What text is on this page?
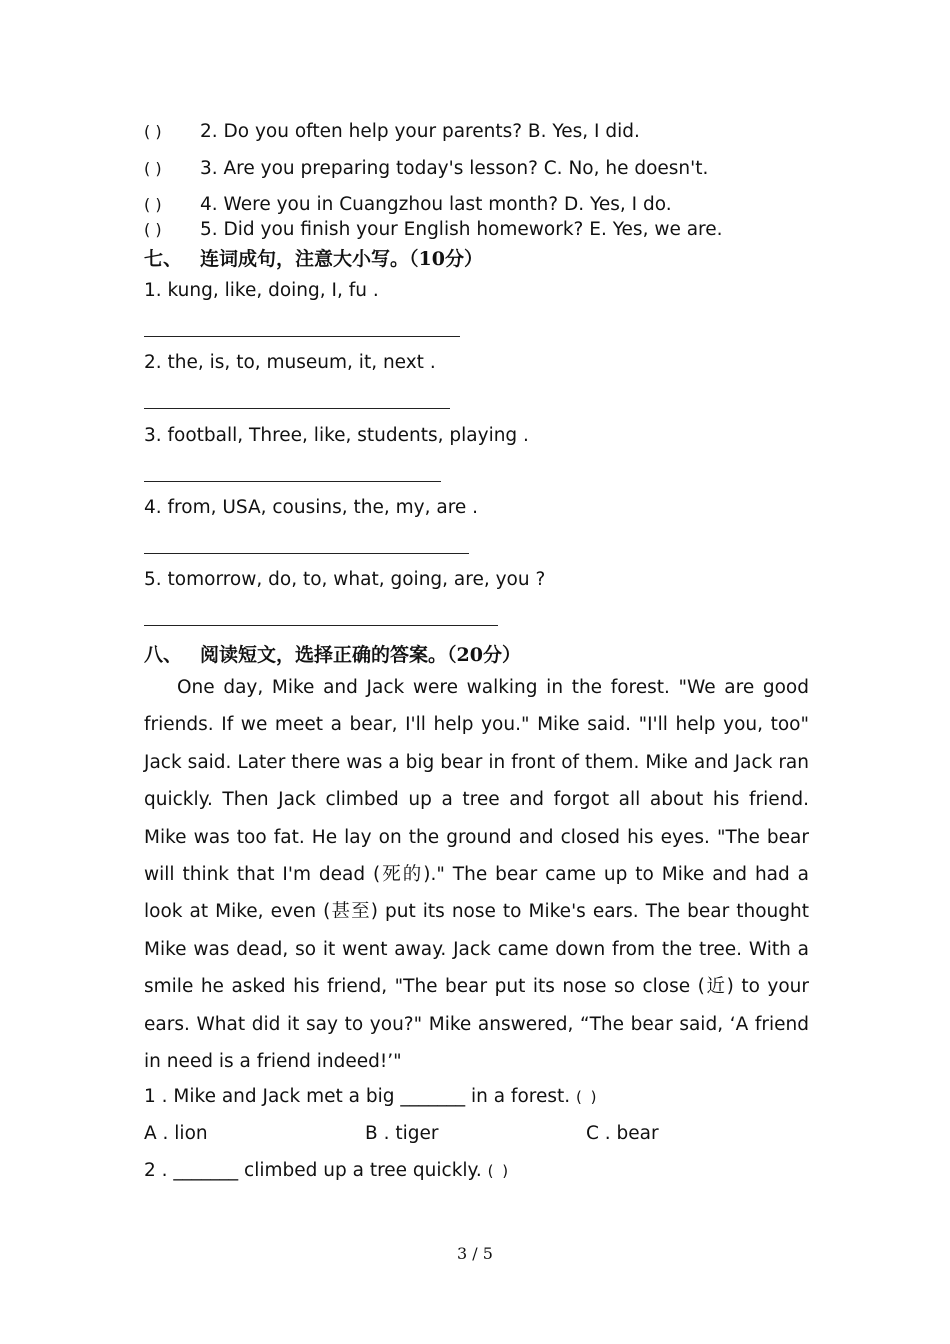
( ) 2. Do you often help your parents? B. Yes, I did.
( ) 3. Are you preparing today's lesson? C. No, he doesn't.
( ) 4. Were you in Cuangzhou last month? D. Yes, I do.
( ) 5. Did you finish your English homework? E. Yes, we are.
七、 连词成句，注意大小写。（10分）
1. kung, like, doing, I, fu .
2. the, is, to, museum, it, next .
3. football, Three, like, students, playing .
4. from, USA, cousins, the, my, are .
5. tomorrow, do, to, what, going, are, you ?
八、 阅读短文，选择正确的答案。（20分）
One day, Mike and Jack were walking in the forest. "We are good friends. If we meet a bear, I'll help you." Mike said. "I'll help you, too" Jack said. Later there was a big bear in front of them. Mike and Jack ran quickly. Then Jack climbed up a tree and forgot all about his friend. Mike was too fat. He lay on the ground and closed his eyes. "The bear will think that I'm dead (死的)." The bear came up to Mike and had a look at Mike, even (甚至) put its nose to Mike's ears. The bear thought Mike was dead, so it went away. Jack came down from the tree. With a smile he asked his friend, "The bear put its nose so close (近) to your ears. What did it say to you?" Mike answered, “The bear said, ‘A friend in need is a friend indeed!’"
1 . Mike and Jack met a big _______ in a forest. ( )
A . lion	B . tiger	C . bear
2 . _______ climbed up a tree quickly. ( )
3 / 5
